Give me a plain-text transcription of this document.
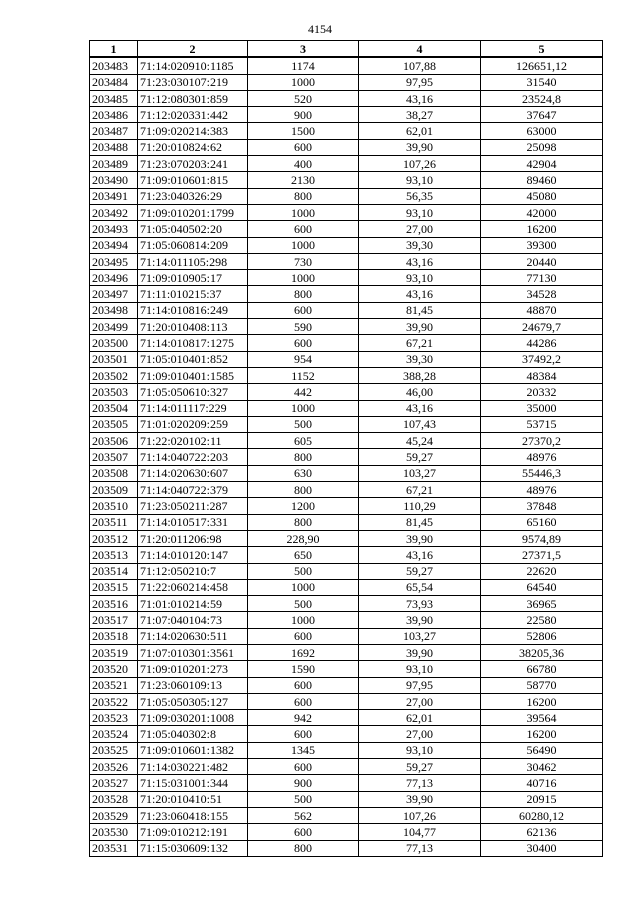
4154
1	2	3	4	5
203483	71:14:020910:1185	1174	107,88	126651,12
203484	71:23:030107:219	1000	97,95	31540
203485	71:12:080301:859	520	43,16	23524,8
203486	71:12:020331:442	900	38,27	37647
203487	71:09:020214:383	1500	62,01	63000
203488	71:20:010824:62	600	39,90	25098
203489	71:23:070203:241	400	107,26	42904
203490	71:09:010601:815	2130	93,10	89460
203491	71:23:040326:29	800	56,35	45080
203492	71:09:010201:1799	1000	93,10	42000
203493	71:05:040502:20	600	27,00	16200
203494	71:05:060814:209	1000	39,30	39300
203495	71:14:011105:298	730	43,16	20440
203496	71:09:010905:17	1000	93,10	77130
203497	71:11:010215:37	800	43,16	34528
203498	71:14:010816:249	600	81,45	48870
203499	71:20:010408:113	590	39,90	24679,7
203500	71:14:010817:1275	600	67,21	44286
203501	71:05:010401:852	954	39,30	37492,2
203502	71:09:010401:1585	1152	388,28	48384
203503	71:05:050610:327	442	46,00	20332
203504	71:14:011117:229	1000	43,16	35000
203505	71:01:020209:259	500	107,43	53715
203506	71:22:020102:11	605	45,24	27370,2
203507	71:14:040722:203	800	59,27	48976
203508	71:14:020630:607	630	103,27	55446,3
203509	71:14:040722:379	800	67,21	48976
203510	71:23:050211:287	1200	110,29	37848
203511	71:14:010517:331	800	81,45	65160
203512	71:20:011206:98	228,90	39,90	9574,89
203513	71:14:010120:147	650	43,16	27371,5
203514	71:12:050210:7	500	59,27	22620
203515	71:22:060214:458	1000	65,54	64540
203516	71:01:010214:59	500	73,93	36965
203517	71:07:040104:73	1000	39,90	22580
203518	71:14:020630:511	600	103,27	52806
203519	71:07:010301:3561	1692	39,90	38205,36
203520	71:09:010201:273	1590	93,10	66780
203521	71:23:060109:13	600	97,95	58770
203522	71:05:050305:127	600	27,00	16200
203523	71:09:030201:1008	942	62,01	39564
203524	71:05:040302:8	600	27,00	16200
203525	71:09:010601:1382	1345	93,10	56490
203526	71:14:030221:482	600	59,27	30462
203527	71:15:031001:344	900	77,13	40716
203528	71:20:010410:51	500	39,90	20915
203529	71:23:060418:155	562	107,26	60280,12
203530	71:09:010212:191	600	104,77	62136
203531	71:15:030609:132	800	77,13	30400
